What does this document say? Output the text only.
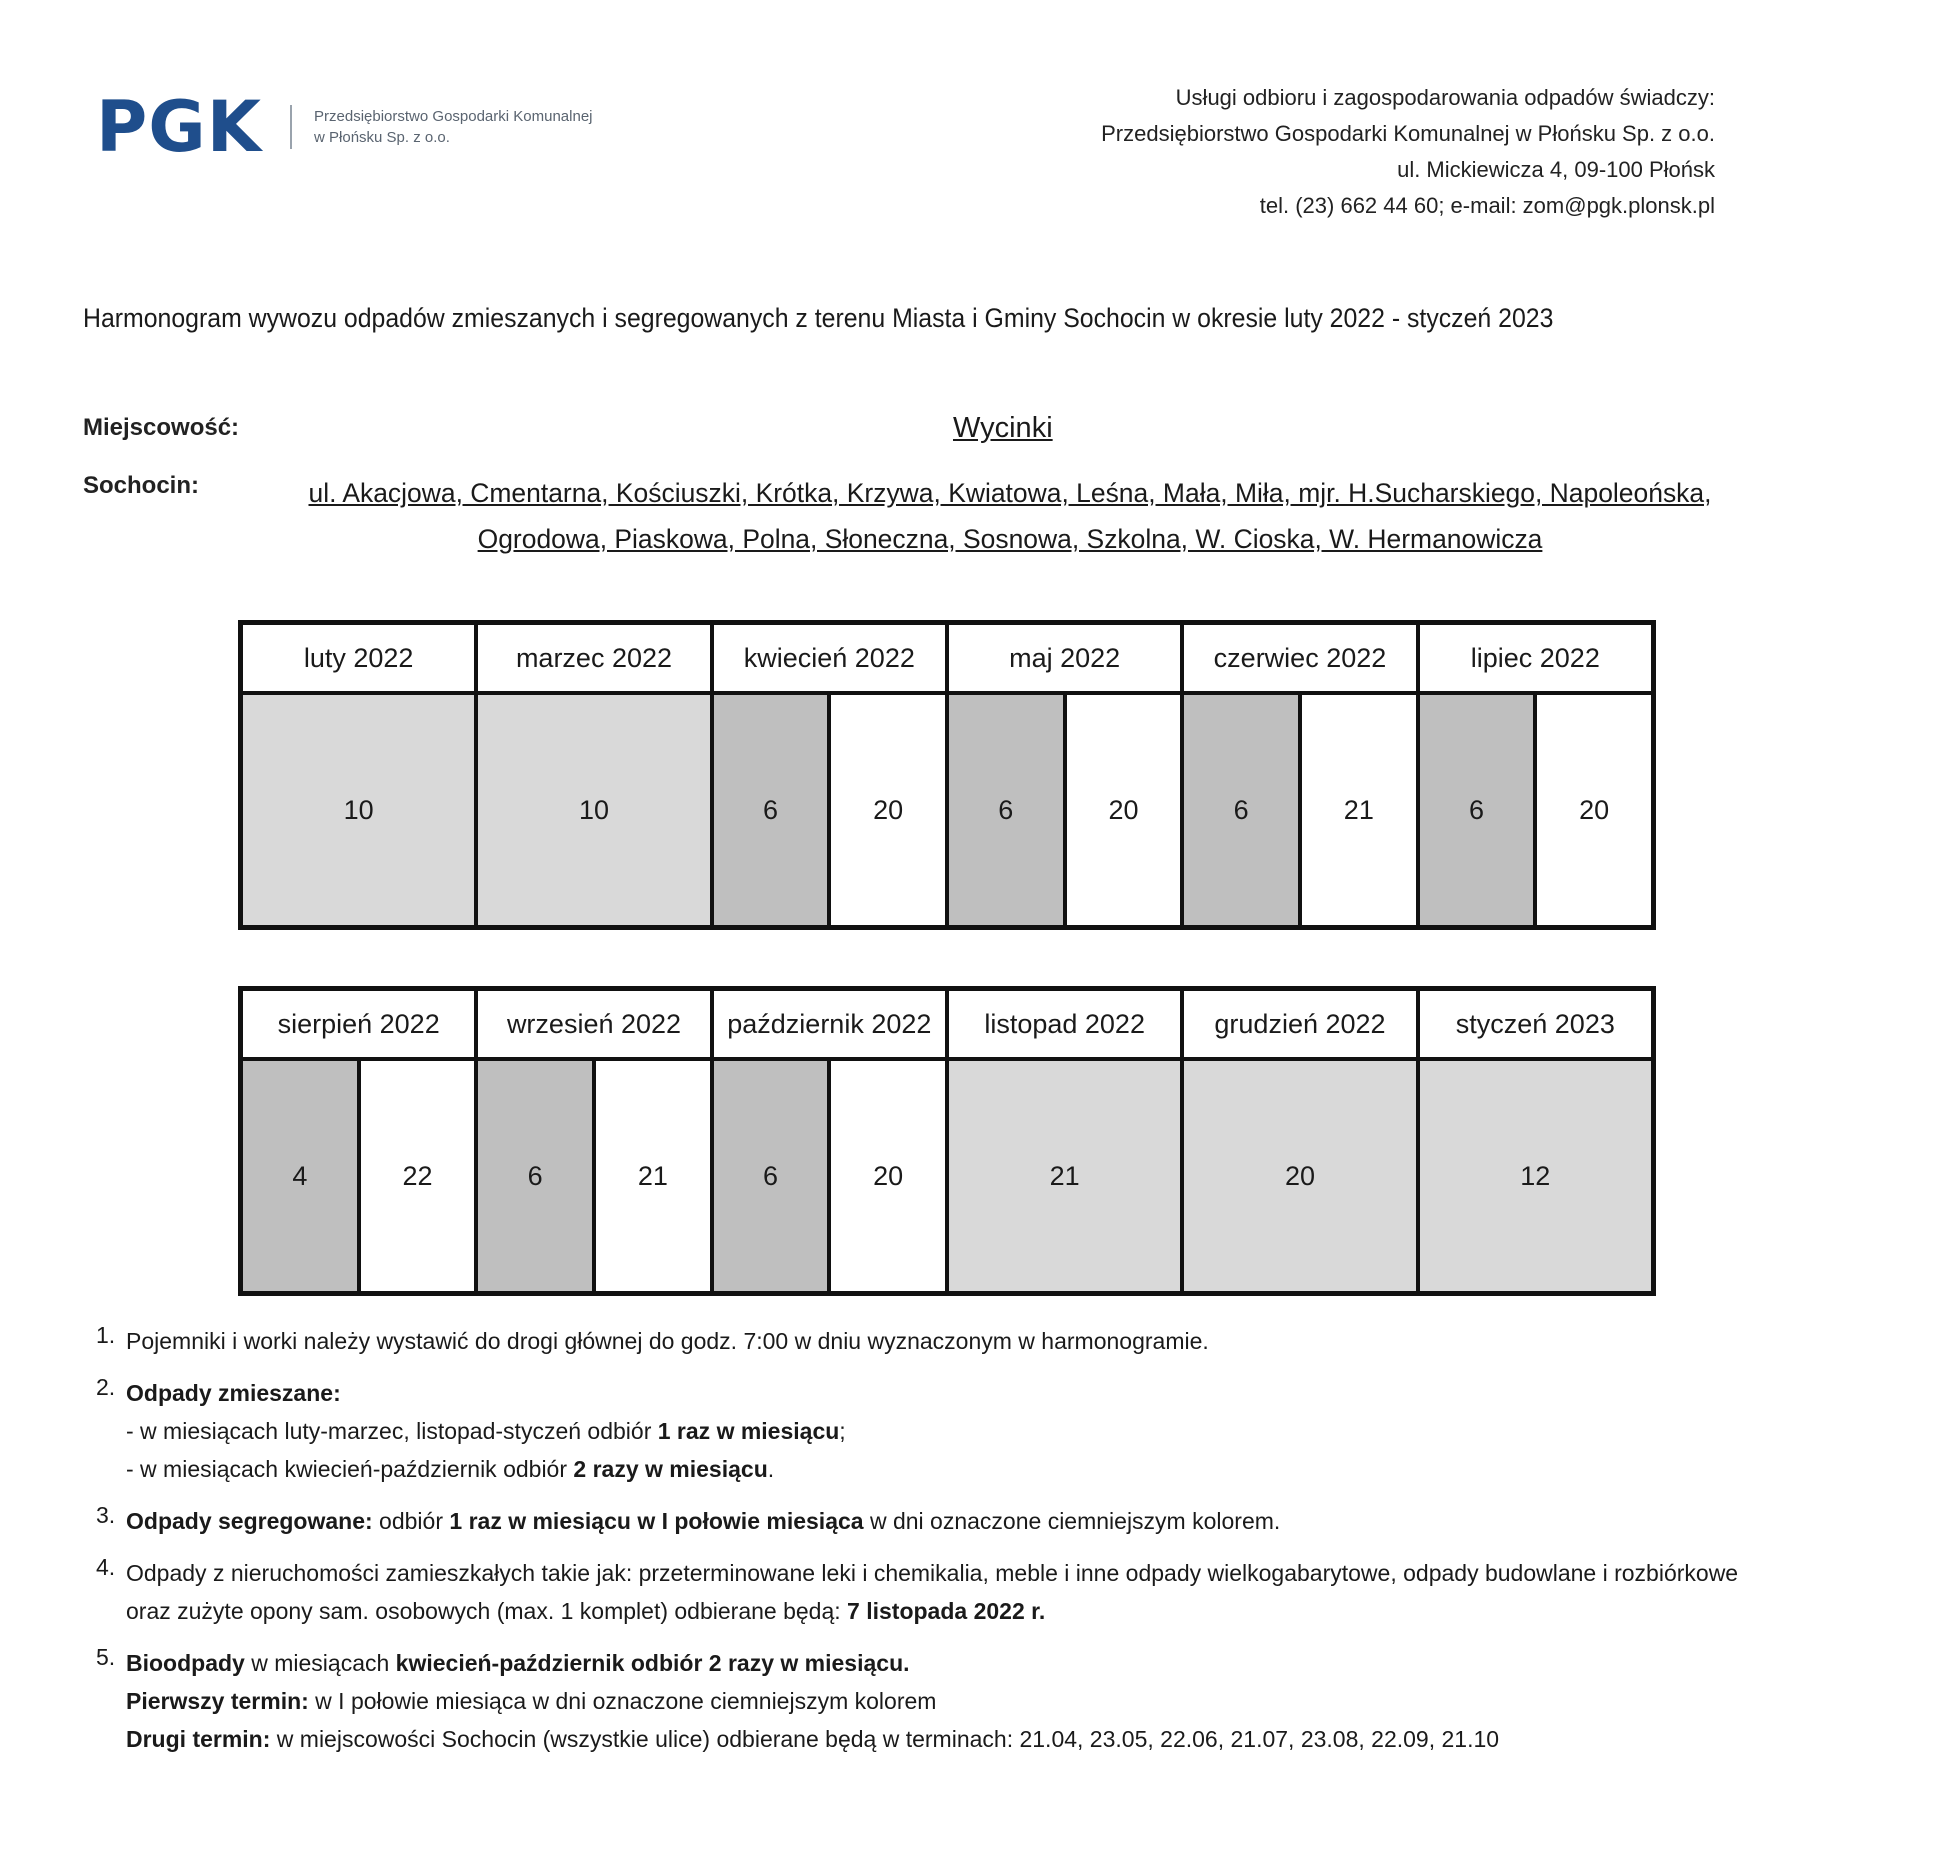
PGK	Przedsiębiorstwo Gospodarki Komunalnej
w Płońsku Sp. z o.o.
Usługi odbioru i zagospodarowania odpadów świadczy:
Przedsiębiorstwo Gospodarki Komunalnej w Płońsku Sp. z o.o.
ul. Mickiewicza 4, 09-100 Płońsk
tel. (23) 662 44 60; e-mail: zom@pgk.plonsk.pl
Harmonogram wywozu odpadów zmieszanych i segregowanych z terenu Miasta i Gminy Sochocin w okresie luty 2022 - styczeń 2023
Miejscowość:	Wycinki
Sochocin:	ul. Akacjowa, Cmentarna, Kościuszki, Krótka, Krzywa, Kwiatowa, Leśna, Mała, Miła, mjr. H.Sucharskiego, Napoleońska,
Ogrodowa, Piaskowa, Polna, Słoneczna, Sosnowa, Szkolna, W. Cioska, W. Hermanowicza
luty 2022
10
marzec 2022
10
kwiecień 2022
6	20
maj 2022
6	20
czerwiec 2022
6	21
lipiec 2022
6	20
sierpień 2022
4	22
wrzesień 2022
6	21
październik 2022
6	20
listopad 2022
21
grudzień 2022
20
styczeń 2023
12
1. Pojemniki i worki należy wystawić do drogi głównej do godz. 7:00 w dniu wyznaczonym w harmonogramie.
2. Odpady zmieszane:
- w miesiącach luty-marzec, listopad-styczeń odbiór 1 raz w miesiącu;
- w miesiącach kwiecień-październik odbiór 2 razy w miesiącu.
3. Odpady segregowane: odbiór 1 raz w miesiącu w I połowie miesiąca w dni oznaczone ciemniejszym kolorem.
4. Odpady z nieruchomości zamieszkałych takie jak: przeterminowane leki i chemikalia, meble i inne odpady wielkogabarytowe, odpady budowlane i rozbiórkowe
oraz zużyte opony sam. osobowych (max. 1 komplet) odbierane będą: 7 listopada 2022 r.
5. Bioodpady w miesiącach kwiecień-październik odbiór 2 razy w miesiącu.
Pierwszy termin: w I połowie miesiąca w dni oznaczone ciemniejszym kolorem
Drugi termin: w miejscowości Sochocin (wszystkie ulice) odbierane będą w terminach: 21.04, 23.05, 22.06, 21.07, 23.08, 22.09, 21.10
